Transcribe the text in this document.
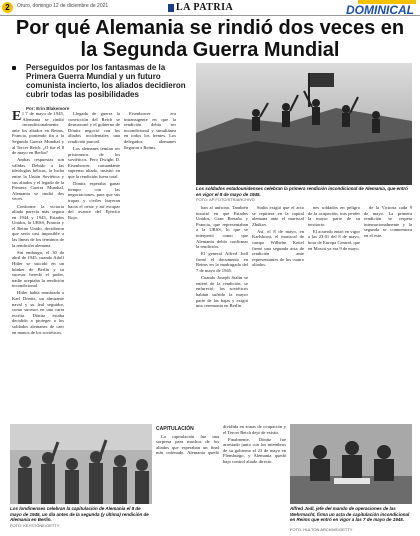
2	Oruro, domingo 12 de diciembre de 2021	LA PATRIA	DOMINICAL
Por qué Alemania se rindió dos veces en la Segunda Guerra Mundial
Perseguidos por los fantasmas de la Primera Guerra Mundial y un futuro comunista incierto, los aliados decidieron cubrir todas las posibilidades
Por: Erin Blakemore
Los soldados estadounidenses celebran la primera rendición incondicional de Alemania, que entró en vigor el 8 de mayo de 1945.
FOTO: AP FOTO/STR/ARCHIVO

El 7 de mayo de 1945, Alemania se rindió incondicionalmente ante los aliados en Reims, Francia, poniendo fin a la Segunda Guerra Mundial y al Tercer Reich. ¿O fue el 8 de mayo en Berlín?

Ambas respuestas son válidas. Debido a las ideologías bélicas, la lucha entre la Unión Soviética y sus aliados y el legado de la Primera Guerra Mundial, Alemania se rindió dos veces.

Conforme la victoria aliada parecía más segura en 1944 y 1945, Estados Unidos, la URSS, Francia y el Reino Unido, decidieron que sería casi imposible a las líneas de los términos de la rendición alemana.

Sin embargo, el 30 de abril de 1945, cuando Adolf Hitler se suicidó en un búnker de Berlín y su sucesor heredó el poder, nadie aceptaba la rendición incondicional.

Hitler había nombrado a Karl Dönitz, un almirante naval y su leal seguidor, como sucesor en una carta escrita. Dönitz estaba decidido a proteger a los soldados alemanes de caer en manos de los soviéticos.

Llegada de guerra la convicción del Reich se desmoronó y el gobierno de Dönitz negoció con los aliados occidentales una rendición parcial.

Los alemanes temían ser prisioneros de los soviéticos. Pero Dwight D. Eisenhower, comandante supremo aliado, insistió en que la rendición fuera total.

Dönitz esperaba ganar tiempo con las negociaciones, para que sus tropas y civiles huyeran hacia el oeste y así escapar del avance del Ejército Rojo.

Eisenhower era intransigente en que la rendición debía ser incondicional y simultánea en todos los frentes. Los delegados alemanes llegaron a Reims.

ban al unísono. También insistió en que Estados Unidos, Gran Bretaña y Francia, que representaban a la URSS, lo que se interpretó como que Alemania debía confirmar la rendición.

El general Alfred Jodl firmó el documento en Reims en la madrugada del 7 de mayo de 1945.

Cuando Joseph Stalin se enteró de la rendición, se enfureció: los soviéticos habían sufrido la mayor parte de las bajas y exigió una ceremonia en Berlín.

Stalin exigió que el acto se repitiera en la capital alemana ante el mariscal Zhúkov.

Así, el 8 de mayo, en Karlshorst, el mariscal de campo Wilhelm Keitel firmó una segunda acta de rendición ante representantes de los cuatro aliados.

nes soldados en peligro de la ocupación, tras perder la mayor parte de su territorio.

El acuerdo entró en vigor a las 23:01 del 8 de mayo, hora de Europa Central, que en Moscú ya era 9 de mayo.

de la Victoria cada 9 de mayo. La primera rendición se respeta internacionalmente y la segunda se conmemora en el este.

CAPITULACIÓN

La capitulación fue una sorpresa para muchos de los aliados que esperaban un final más ordenado. Alemania quedó dividida en zonas de ocupación y el Tercer Reich dejó de existir.

Finalmente, Dönitz fue arrestado junto con los miembros de su gobierno el 23 de mayo en Flensburgo, y Alemania quedó bajo control aliado directo.

Los londinenses celebran la capitulación de Alemania el 8 de mayo de 1945, un día antes de la segunda (y última) rendición de Alemania en Berlín.
FOTO: KEYSTONE/GETTY
Alfred Jodl, jefe del mando de operaciones de las Wehrmacht, firma un acta de capitulación incondicional en Reims que entró en vigor a las 7 de mayo de 1945.
FOTO: HULTON ARCHIVE/GETTY
